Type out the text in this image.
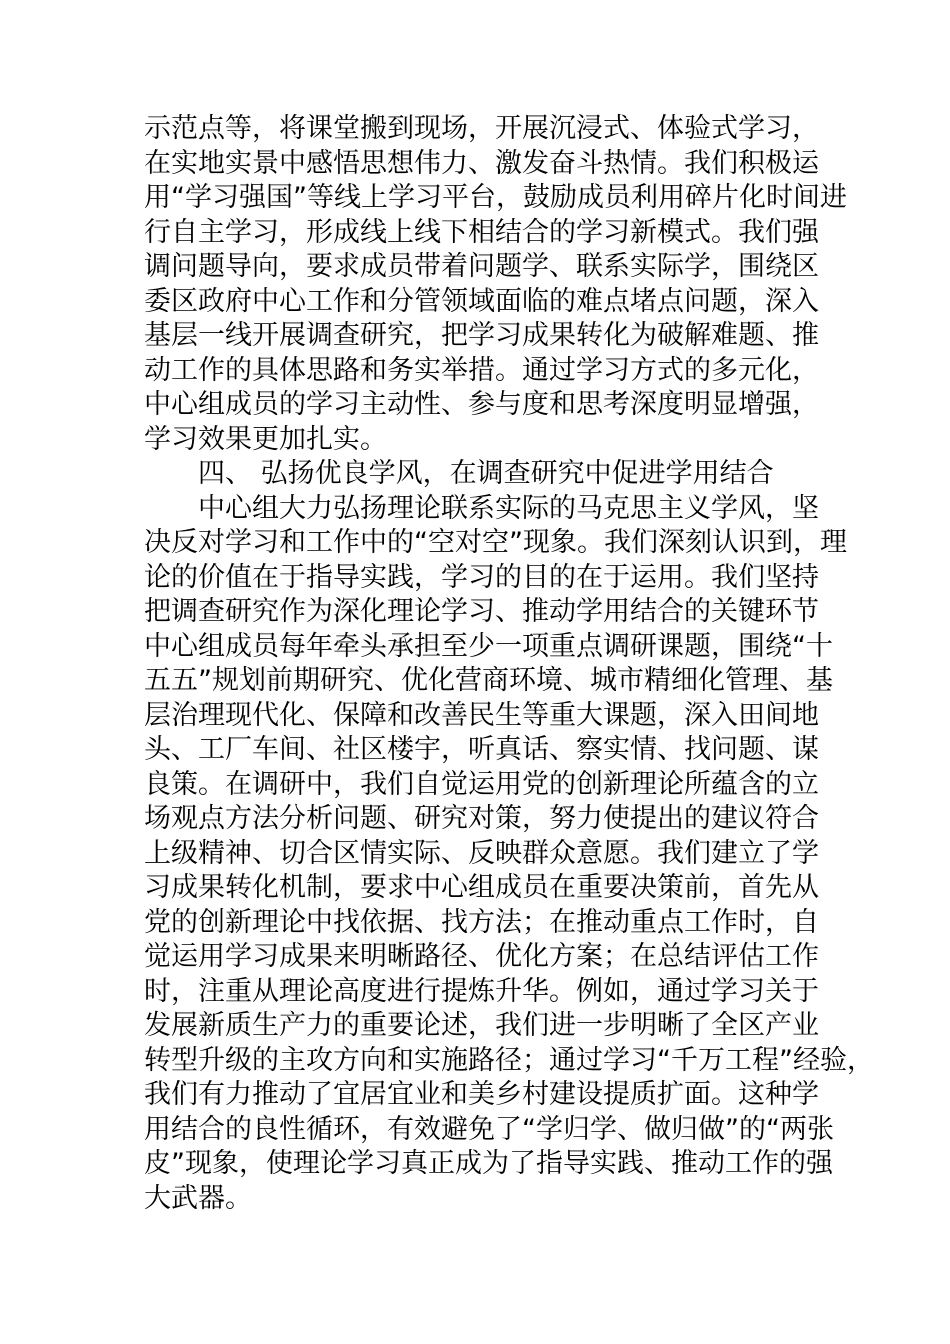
示范点等，将课堂搬到现场，开展沉浸式、体验式学习，
在实地实景中感悟思想伟力、激发奋斗热情。我们积极运
用“学习强国”等线上学习平台，鼓励成员利用碎片化时间进
行自主学习，形成线上线下相结合的学习新模式。我们强
调问题导向，要求成员带着问题学、联系实际学，围绕区
委区政府中心工作和分管领域面临的难点堵点问题，深入
基层一线开展调查研究，把学习成果转化为破解难题、推
动工作的具体思路和务实举措。通过学习方式的多元化，
中心组成员的学习主动性、参与度和思考深度明显增强，
学习效果更加扎实。
四、 弘扬优良学风，在调查研究中促进学用结合
中心组大力弘扬理论联系实际的马克思主义学风，坚
决反对学习和工作中的“空对空”现象。我们深刻认识到，理
论的价值在于指导实践，学习的目的在于运用。我们坚持
把调查研究作为深化理论学习、推动学用结合的关键环节
中心组成员每年牵头承担至少一项重点调研课题，围绕“十
五五”规划前期研究、优化营商环境、城市精细化管理、基
层治理现代化、保障和改善民生等重大课题，深入田间地
头、工厂车间、社区楼宇，听真话、察实情、找问题、谋
良策。在调研中，我们自觉运用党的创新理论所蕴含的立
场观点方法分析问题、研究对策，努力使提出的建议符合
上级精神、切合区情实际、反映群众意愿。我们建立了学
习成果转化机制，要求中心组成员在重要决策前，首先从
党的创新理论中找依据、找方法；在推动重点工作时，自
觉运用学习成果来明晰路径、优化方案；在总结评估工作
时，注重从理论高度进行提炼升华。例如，通过学习关于
发展新质生产力的重要论述，我们进一步明晰了全区产业
转型升级的主攻方向和实施路径；通过学习“千万工程”经验，
我们有力推动了宜居宜业和美乡村建设提质扩面。这种学
用结合的良性循环，有效避免了“学归学、做归做”的“两张
皮”现象，使理论学习真正成为了指导实践、推动工作的强
大武器。
